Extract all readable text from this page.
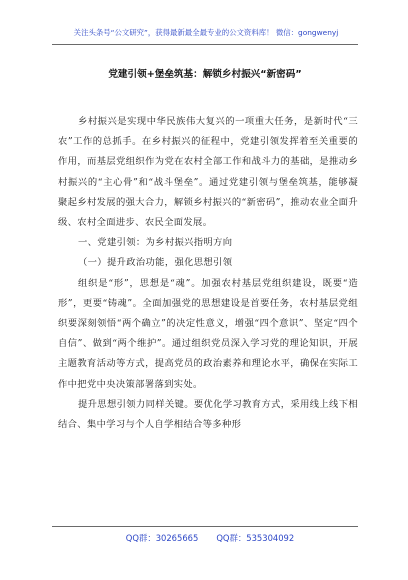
关注头条号“公文研究”，获得最新最全最专业的公文资料库！ 微信：gongwenyj
党建引领+堡垒筑基：解锁乡村振兴“新密码”

乡村振兴是实现中华民族伟大复兴的一项重大任务，是新时代“三农”工作的总抓手。在乡村振兴的征程中，党建引领发挥着至关重要的作用，而基层党组织作为党在农村全部工作和战斗力的基础，是推动乡村振兴的“主心骨”和“战斗堡垒”。通过党建引领与堡垒筑基，能够凝聚起乡村发展的强大合力，解锁乡村振兴的“新密码”，推动农业全面升级、农村全面进步、农民全面发展。

一、党建引领：为乡村振兴指明方向

（一）提升政治功能，强化思想引领

组织是“形”，思想是“魂”。加强农村基层党组织建设，既要“造形”，更要“铸魂”。全面加强党的思想建设是首要任务，农村基层党组织要深刻领悟“两个确立”的决定性意义，增强“四个意识”、坚定“四个自信”、做到“两个维护”。通过组织党员深入学习党的理论知识，开展主题教育活动等方式，提高党员的政治素养和理论水平，确保在实际工作中把党中央决策部署落到实处。

提升思想引领力同样关键。要优化学习教育方式，采用线上线下相结合、集中学习与个人自学相结合等多种形

QQ群：30265665 QQ群：535304092
